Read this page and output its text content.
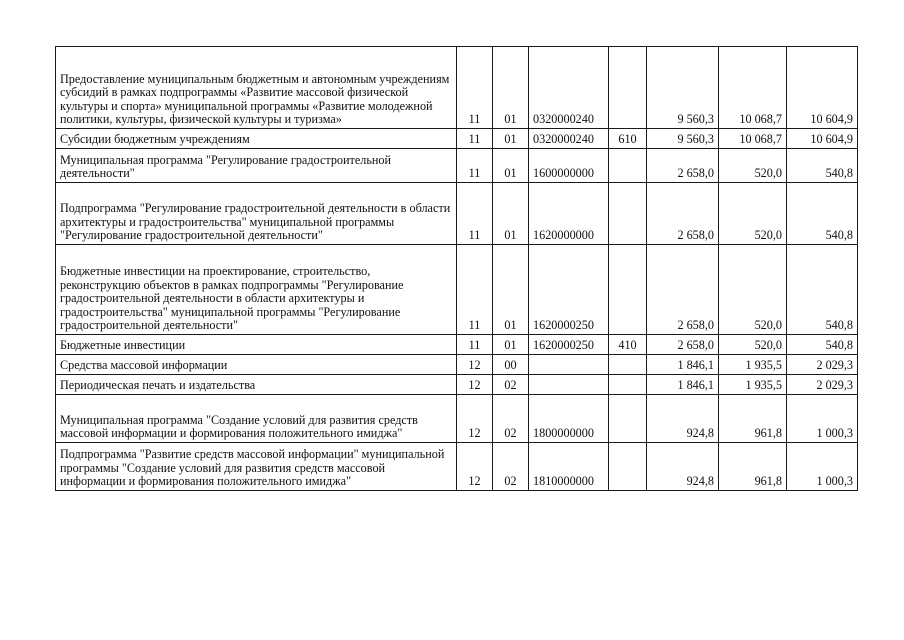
Предоставление муниципальным бюджетным и автономным учреждениям субсидий в рамках подпрограммы «Развитие массовой физической культуры и спорта» муниципальной программы «Развитие молодежной политики, культуры, физической культуры и туризма»	11	01	0320000240		9 560,3	10 068,7	10 604,9
Субсидии бюджетным учреждениям	11	01	0320000240	610	9 560,3	10 068,7	10 604,9
Муниципальная программа "Регулирование градостроительной деятельности"	11	01	1600000000		2 658,0	520,0	540,8
Подпрограмма "Регулирование градостроительной деятельности в области архитектуры и градостроительства" муниципальной программы "Регулирование градостроительной деятельности"	11	01	1620000000		2 658,0	520,0	540,8
Бюджетные инвестиции на проектирование, строительство, реконструкцию объектов в рамках подпрограммы "Регулирование градостроительной деятельности в области архитектуры и градостроительства" муниципальной программы "Регулирование градостроительной деятельности"	11	01	1620000250		2 658,0	520,0	540,8
Бюджетные инвестиции	11	01	1620000250	410	2 658,0	520,0	540,8
Средства массовой информации	12	00			1 846,1	1 935,5	2 029,3
Периодическая печать и издательства	12	02			1 846,1	1 935,5	2 029,3
Муниципальная программа "Создание условий для развития средств массовой информации и формирования положительного имиджа"	12	02	1800000000		924,8	961,8	1 000,3
Подпрограмма "Развитие средств массовой информации" муниципальной программы "Создание условий для развития средств массовой информации и формирования положительного имиджа"	12	02	1810000000		924,8	961,8	1 000,3
